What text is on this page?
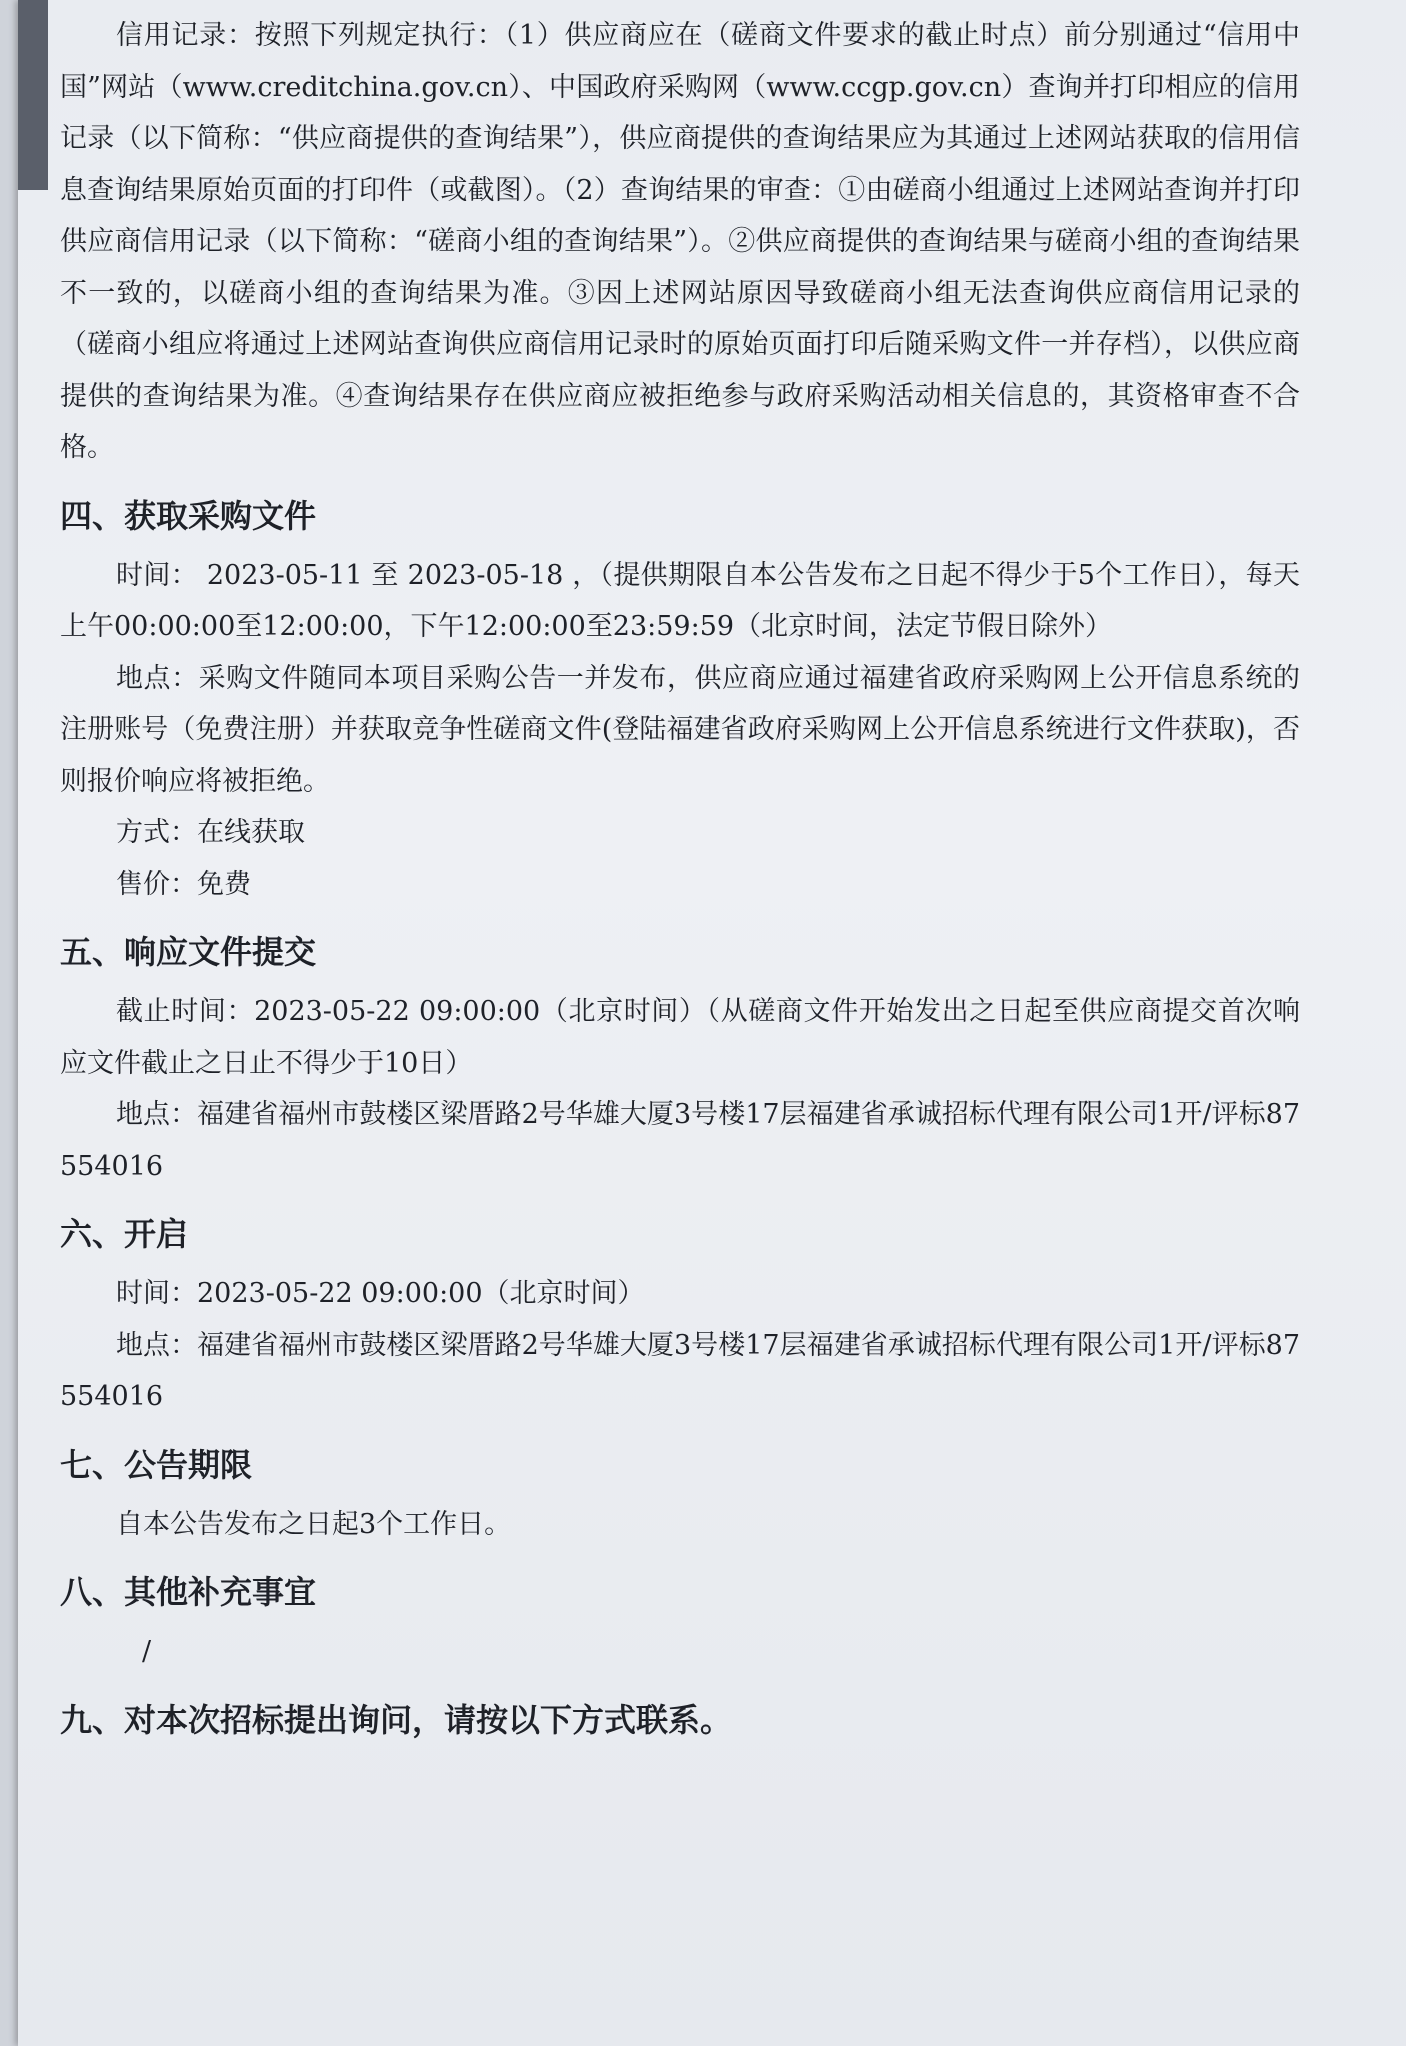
信用记录：按照下列规定执行：（1）供应商应在（磋商文件要求的截止时点）前分别通过“信用中国”网站（www.creditchina.gov.cn）、中国政府采购网（www.ccgp.gov.cn）查询并打印相应的信用记录（以下简称：“供应商提供的查询结果”），供应商提供的查询结果应为其通过上述网站获取的信用信息查询结果原始页面的打印件（或截图）。（2）查询结果的审查：①由磋商小组通过上述网站查询并打印供应商信用记录（以下简称：“磋商小组的查询结果”）。②供应商提供的查询结果与磋商小组的查询结果不一致的，以磋商小组的查询结果为准。③因上述网站原因导致磋商小组无法查询供应商信用记录的（磋商小组应将通过上述网站查询供应商信用记录时的原始页面打印后随采购文件一并存档），以供应商提供的查询结果为准。④查询结果存在供应商应被拒绝参与政府采购活动相关信息的，其资格审查不合格。

四、获取采购文件

时间： 2023-05-11 至 2023-05-18 ，（提供期限自本公告发布之日起不得少于5个工作日），每天上午00:00:00至12:00:00，下午12:00:00至23:59:59（北京时间，法定节假日除外）

地点：采购文件随同本项目采购公告一并发布，供应商应通过福建省政府采购网上公开信息系统的注册账号（免费注册）并获取竞争性磋商文件(登陆福建省政府采购网上公开信息系统进行文件获取)，否则报价响应将被拒绝。

方式：在线获取

售价：免费

五、响应文件提交

截止时间：2023-05-22 09:00:00（北京时间）（从磋商文件开始发出之日起至供应商提交首次响应文件截止之日止不得少于10日）

地点：福建省福州市鼓楼区梁厝路2号华雄大厦3号楼17层福建省承诚招标代理有限公司1开/评标87554016

六、开启

时间：2023-05-22 09:00:00（北京时间）

地点：福建省福州市鼓楼区梁厝路2号华雄大厦3号楼17层福建省承诚招标代理有限公司1开/评标87554016

七、公告期限

自本公告发布之日起3个工作日。

八、其他补充事宜

/

九、对本次招标提出询问，请按以下方式联系。
